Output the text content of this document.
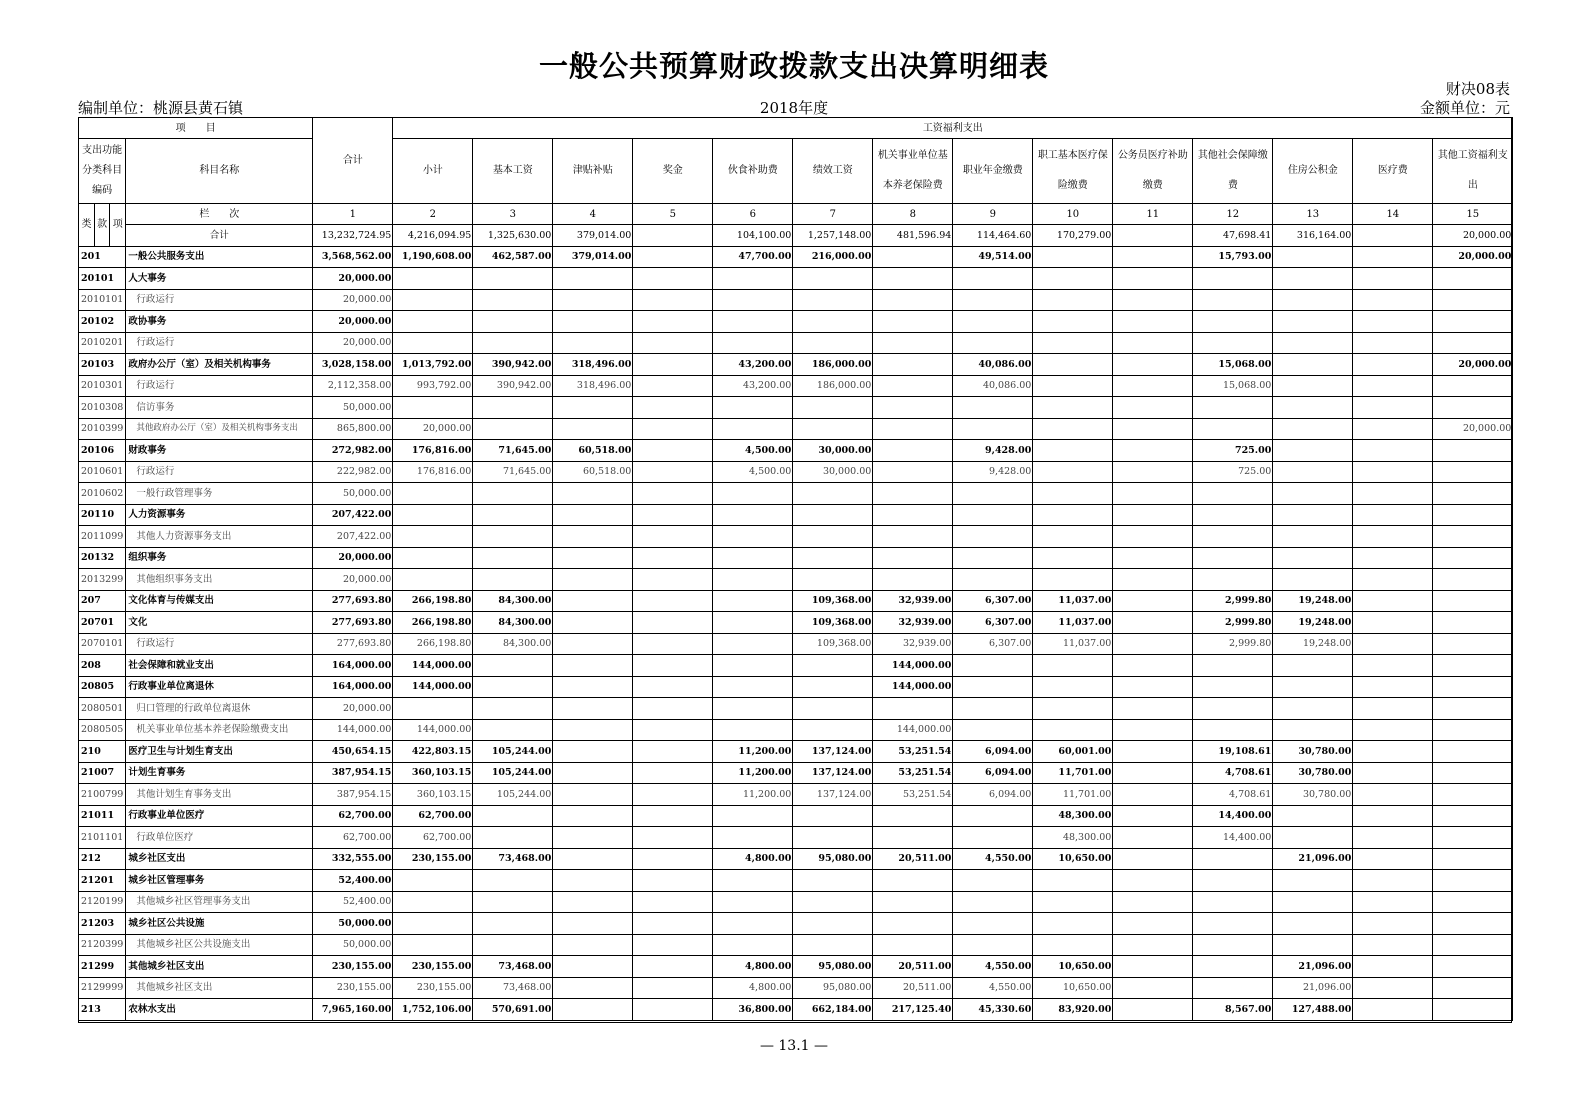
一般公共预算财政拨款支出决算明细表
财决08表
编制单位：桃源县黄石镇	2018年度	金额单位：元
项　　目				合计	工资福利支出													
支出功能分类科目编码			科目名称		小计	基本工资	津贴补贴	奖金	伙食补助费	绩效工资	机关事业单位基本养老保险费	职业年金缴费	职工基本医疗保险缴费	公务员医疗补助缴费	其他社会保障缴费	住房公积金	医疗费	其他工资福利支出
类	款	项	栏　　次	1	2	3	4	5	6	7	8	9	10	11	12	13	14	15
			合计	13,232,724.95	4,216,094.95	1,325,630.00	379,014.00		104,100.00	1,257,148.00	481,596.94	114,464.60	170,279.00		47,698.41	316,164.00		20,000.00
201			一般公共服务支出	3,568,562.00	1,190,608.00	462,587.00	379,014.00		47,700.00	216,000.00		49,514.00			15,793.00			20,000.00
20101			人大事务	20,000.00														
2010101			行政运行	20,000.00														
20102			政协事务	20,000.00														
2010201			行政运行	20,000.00														
20103			政府办公厅（室）及相关机构事务	3,028,158.00	1,013,792.00	390,942.00	318,496.00		43,200.00	186,000.00		40,086.00			15,068.00			20,000.00
2010301			行政运行	2,112,358.00	993,792.00	390,942.00	318,496.00		43,200.00	186,000.00		40,086.00			15,068.00			
2010308			信访事务	50,000.00														
2010399			其他政府办公厅（室）及相关机构事务支出	865,800.00	20,000.00													20,000.00
20106			财政事务	272,982.00	176,816.00	71,645.00	60,518.00		4,500.00	30,000.00		9,428.00			725.00			
2010601			行政运行	222,982.00	176,816.00	71,645.00	60,518.00		4,500.00	30,000.00		9,428.00			725.00			
2010602			一般行政管理事务	50,000.00														
20110			人力资源事务	207,422.00														
2011099			其他人力资源事务支出	207,422.00														
20132			组织事务	20,000.00														
2013299			其他组织事务支出	20,000.00														
207			文化体育与传媒支出	277,693.80	266,198.80	84,300.00				109,368.00	32,939.00	6,307.00	11,037.00		2,999.80	19,248.00		
20701			文化	277,693.80	266,198.80	84,300.00				109,368.00	32,939.00	6,307.00	11,037.00		2,999.80	19,248.00		
2070101			行政运行	277,693.80	266,198.80	84,300.00				109,368.00	32,939.00	6,307.00	11,037.00		2,999.80	19,248.00		
208			社会保障和就业支出	164,000.00	144,000.00						144,000.00							
20805			行政事业单位离退休	164,000.00	144,000.00						144,000.00							
2080501			归口管理的行政单位离退休	20,000.00														
2080505			机关事业单位基本养老保险缴费支出	144,000.00	144,000.00						144,000.00							
210			医疗卫生与计划生育支出	450,654.15	422,803.15	105,244.00			11,200.00	137,124.00	53,251.54	6,094.00	60,001.00		19,108.61	30,780.00		
21007			计划生育事务	387,954.15	360,103.15	105,244.00			11,200.00	137,124.00	53,251.54	6,094.00	11,701.00		4,708.61	30,780.00		
2100799			其他计划生育事务支出	387,954.15	360,103.15	105,244.00			11,200.00	137,124.00	53,251.54	6,094.00	11,701.00		4,708.61	30,780.00		
21011			行政事业单位医疗	62,700.00	62,700.00								48,300.00		14,400.00			
2101101			行政单位医疗	62,700.00	62,700.00								48,300.00		14,400.00			
212			城乡社区支出	332,555.00	230,155.00	73,468.00			4,800.00	95,080.00	20,511.00	4,550.00	10,650.00			21,096.00		
21201			城乡社区管理事务	52,400.00														
2120199			其他城乡社区管理事务支出	52,400.00														
21203			城乡社区公共设施	50,000.00														
2120399			其他城乡社区公共设施支出	50,000.00														
21299			其他城乡社区支出	230,155.00	230,155.00	73,468.00			4,800.00	95,080.00	20,511.00	4,550.00	10,650.00			21,096.00		
2129999			其他城乡社区支出	230,155.00	230,155.00	73,468.00			4,800.00	95,080.00	20,511.00	4,550.00	10,650.00			21,096.00		
213			农林水支出	7,965,160.00	1,752,106.00	570,691.00			36,800.00	662,184.00	217,125.40	45,330.60	83,920.00		8,567.00	127,488.00		
— 13.1 —
